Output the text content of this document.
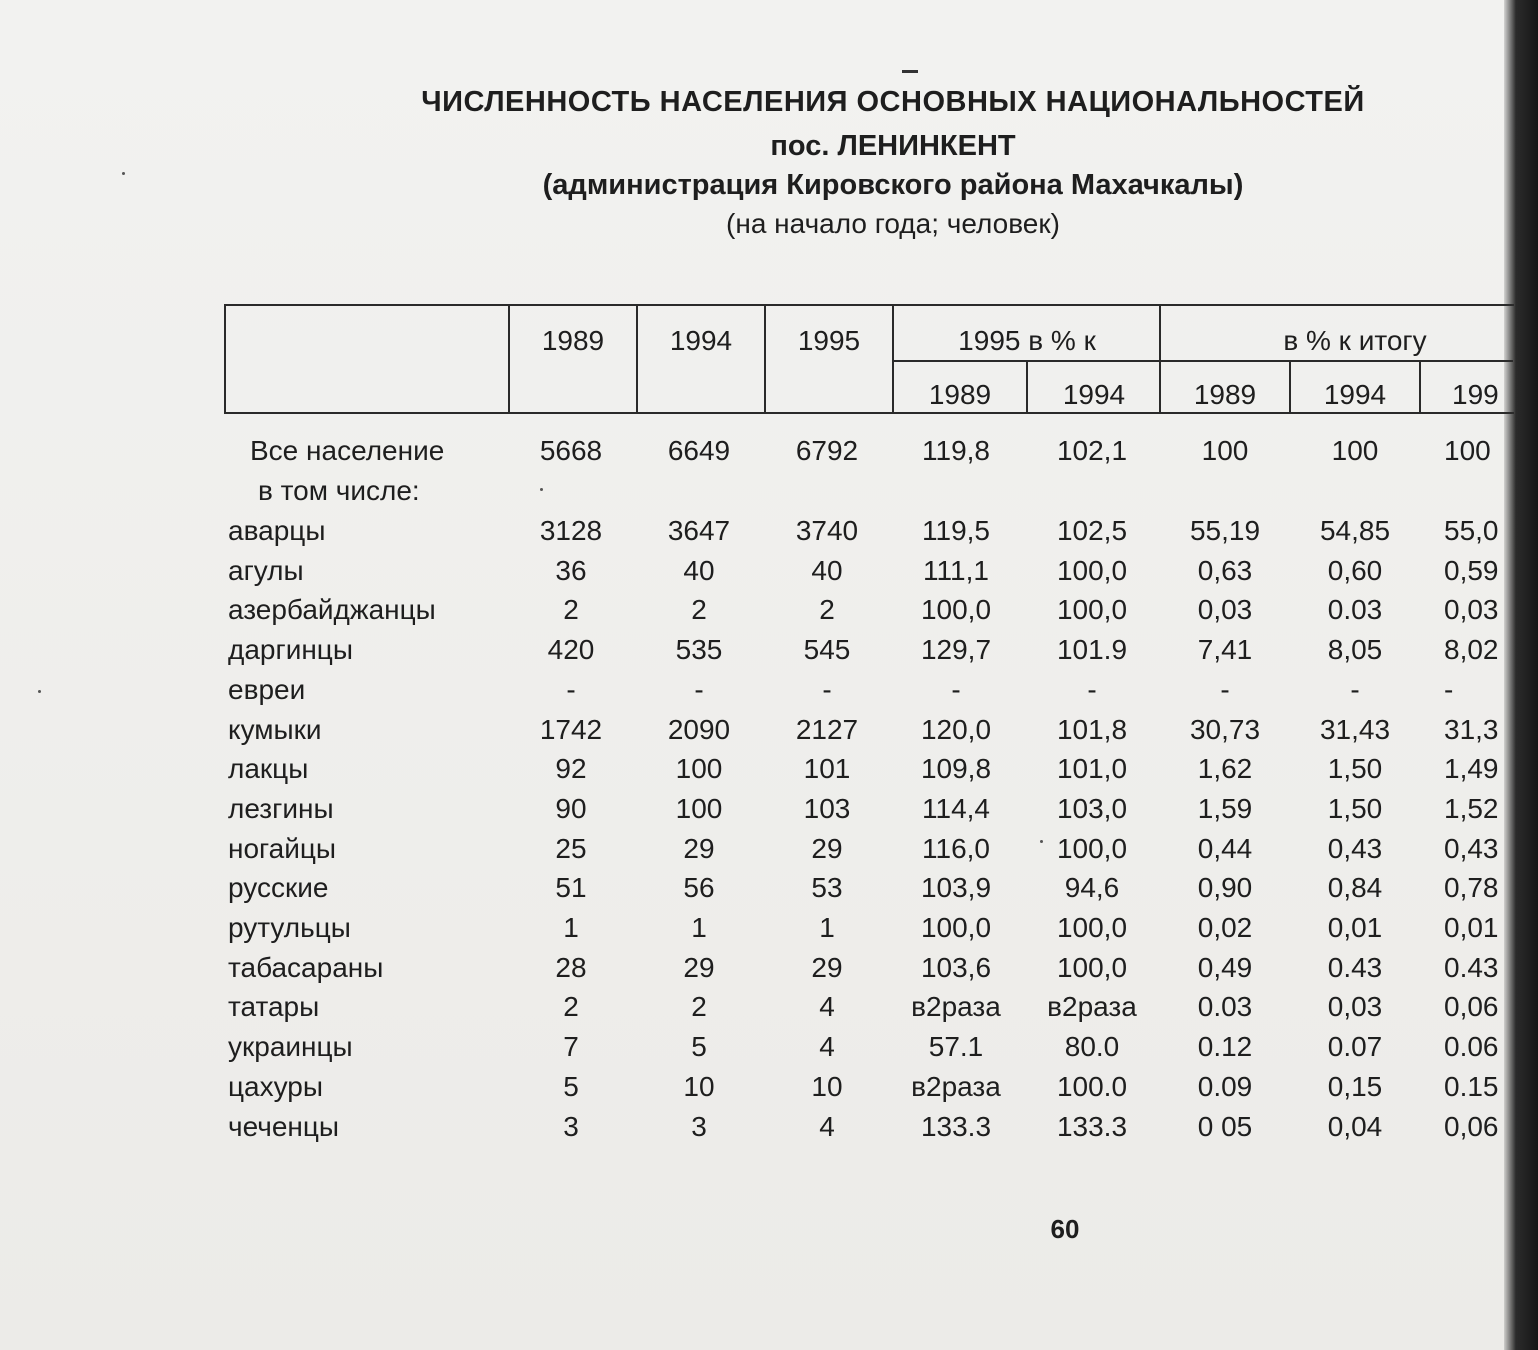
ЧИСЛЕННОСТЬ НАСЕЛЕНИЯ ОСНОВНЫХ НАЦИОНАЛЬНОСТЕЙ
пос. ЛЕНИНКЕНТ
(администрация Кировского района Махачкалы)
(на начало года; человек)
1989	1994	1995	1995 в % к	в % к итогу
1989	1994	1989	1994	199
Все население	5668	6649	6792	119,8	102,1	100	100	100
в том числе:
аварцы	3128	3647	3740	119,5	102,5	55,19	54,85	55,0
агулы	36	40	40	111,1	100,0	0,63	0,60	0,59
азербайджанцы	2	2	2	100,0	100,0	0,03	0.03	0,03
даргинцы	420	535	545	129,7	101.9	7,41	8,05	8,02
евреи	-	-	-	-	-	-	-	-
кумыки	1742	2090	2127	120,0	101,8	30,73	31,43	31,3
лакцы	92	100	101	109,8	101,0	1,62	1,50	1,49
лезгины	90	100	103	114,4	103,0	1,59	1,50	1,52
ногайцы	25	29	29	116,0	100,0	0,44	0,43	0,43
русские	51	56	53	103,9	94,6	0,90	0,84	0,78
рутульцы	1	1	1	100,0	100,0	0,02	0,01	0,01
табасараны	28	29	29	103,6	100,0	0,49	0.43	0.43
татары	2	2	4	в2раза	в2раза	0.03	0,03	0,06
украинцы	7	5	4	57.1	80.0	0.12	0.07	0.06
цахуры	5	10	10	в2раза	100.0	0.09	0,15	0.15
чеченцы	3	3	4	133.3	133.3	0 05	0,04	0,06
60
